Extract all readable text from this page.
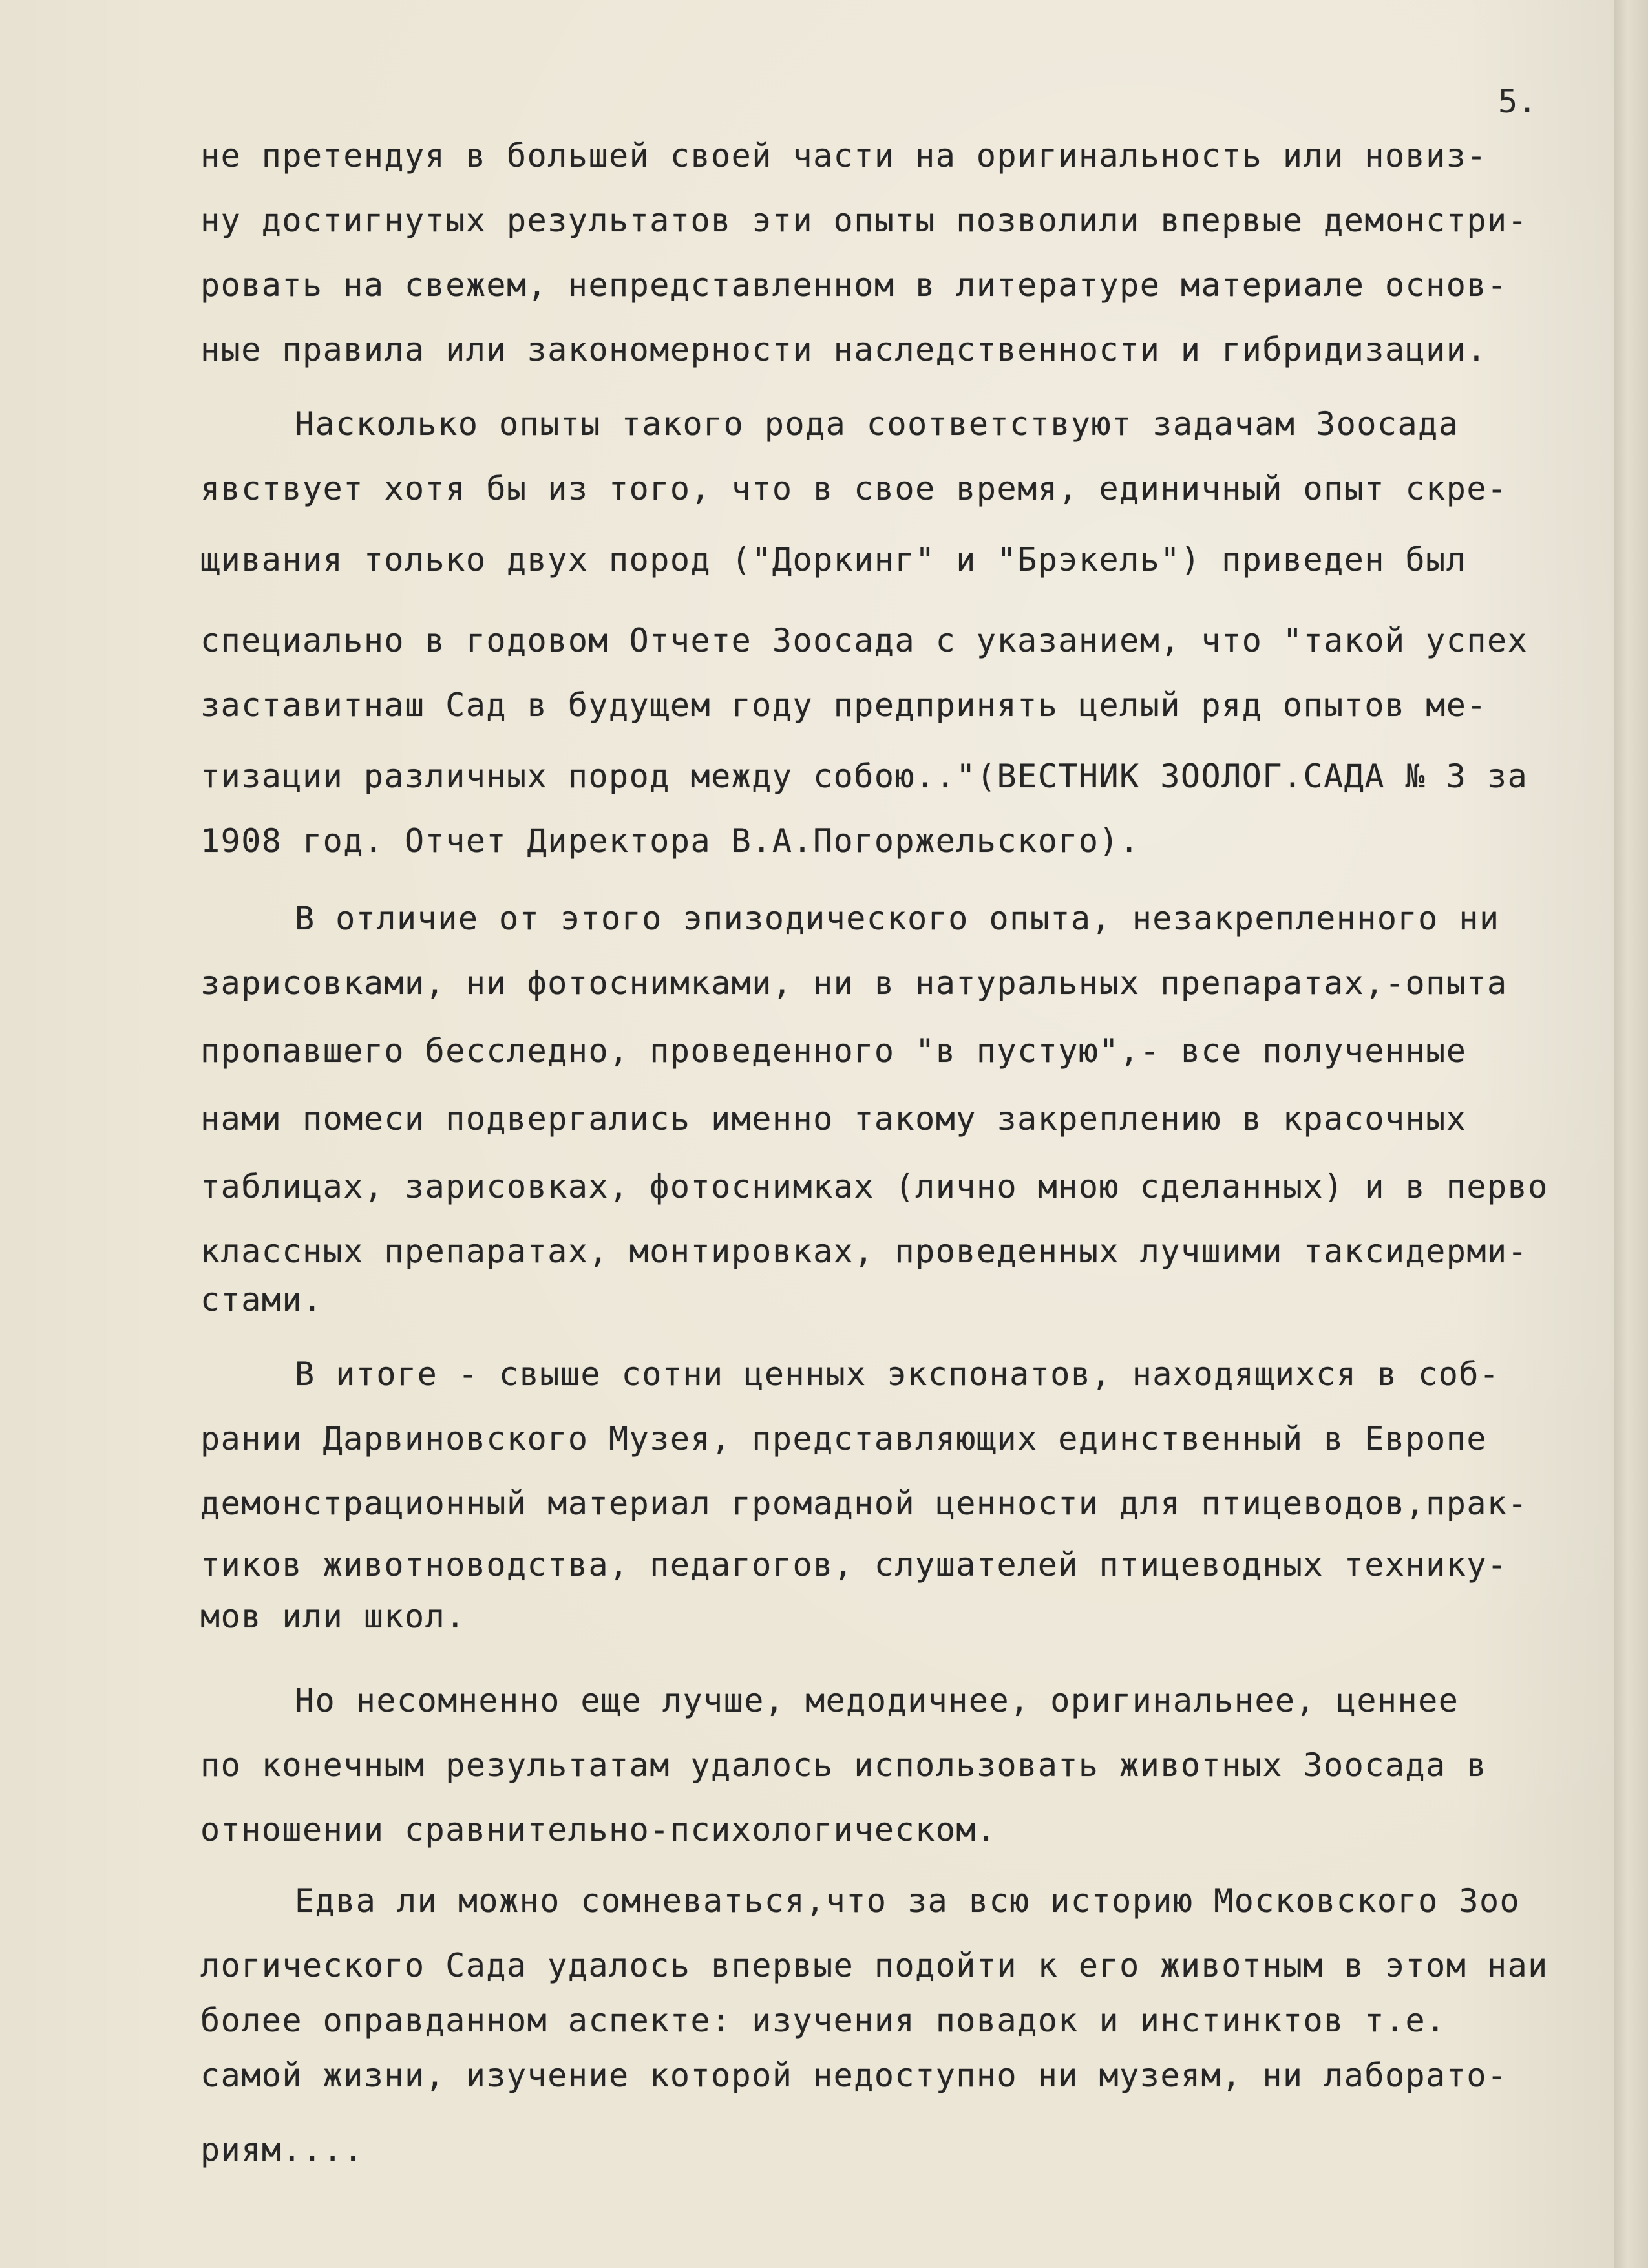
5.
не претендуя в большей своей части на оригинальность или новиз-
ну достигнутых результатов эти опыты позволили впервые демонстри-
ровать на свежем, непредставленном в литературе материале основ-
ные правила или закономерности наследственности и гибридизации.
Насколько опыты такого рода соответствуют задачам Зоосада
явствует хотя бы из того, что в свое время, единичный опыт скре-
щивания только двух пород ("Доркинг" и "Брэкель") приведен был
специально в годовом Отчете Зоосада с указанием, что "такой успех
заставитнаш Сад в будущем году предпринять целый ряд опытов ме-
тизации различных пород между собою.."(ВЕСТНИК ЗООЛОГ.САДА № 3 за
1908 год. Отчет Директора В.А.Погоржельского).
В отличие от этого эпизодического опыта, незакрепленного ни
зарисовками, ни фотоснимками, ни в натуральных препаратах,-опыта
пропавшего бесследно, проведенного "в пустую",- все полученные
нами помеси подвергались именно такому закреплению в красочных
таблицах, зарисовках, фотоснимках (лично мною сделанных) и в перво
классных препаратах, монтировках, проведенных лучшими таксидерми-
стами.
В итоге - свыше сотни ценных экспонатов, находящихся в соб-
рании Дарвиновского Музея, представляющих единственный в Европе
демонстрационный материал громадной ценности для птицеводов,прак-
тиков животноводства, педагогов, слушателей птицеводных технику-
мов или школ.
Но несомненно еще лучше, медодичнее, оригинальнее, ценнее
по конечным результатам удалось использовать животных Зоосада в
отношении сравнительно-психологическом.
Едва ли можно сомневаться,что за всю историю Московского Зоо
логического Сада удалось впервые подойти к его животным в этом наи
более оправданном аспекте: изучения повадок и инстинктов т.е.
самой жизни, изучение которой недоступно ни музеям, ни лаборато-
риям....
